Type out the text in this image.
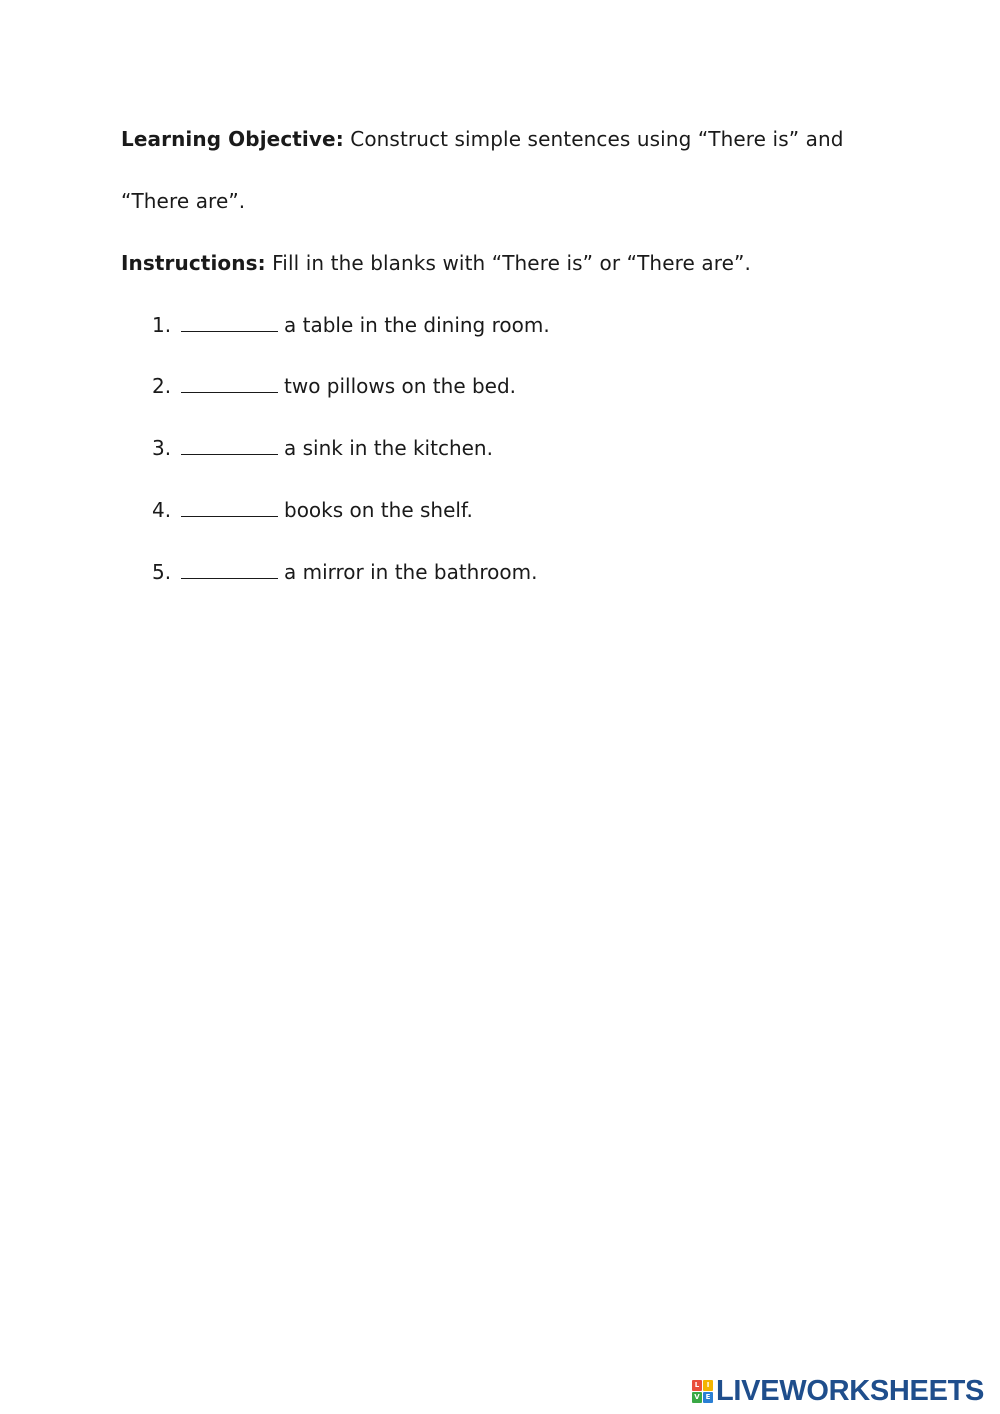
Learning Objective: Construct simple sentences using “There is” and
“There are”.
Instructions: Fill in the blanks with “There is” or “There are”.
1.	a table in the dining room.
2.	two pillows on the bed.
3.	a sink in the kitchen.
4.	books on the shelf.
5.	a mirror in the bathroom.
L	I
V E LIVEWORKSHEETS
